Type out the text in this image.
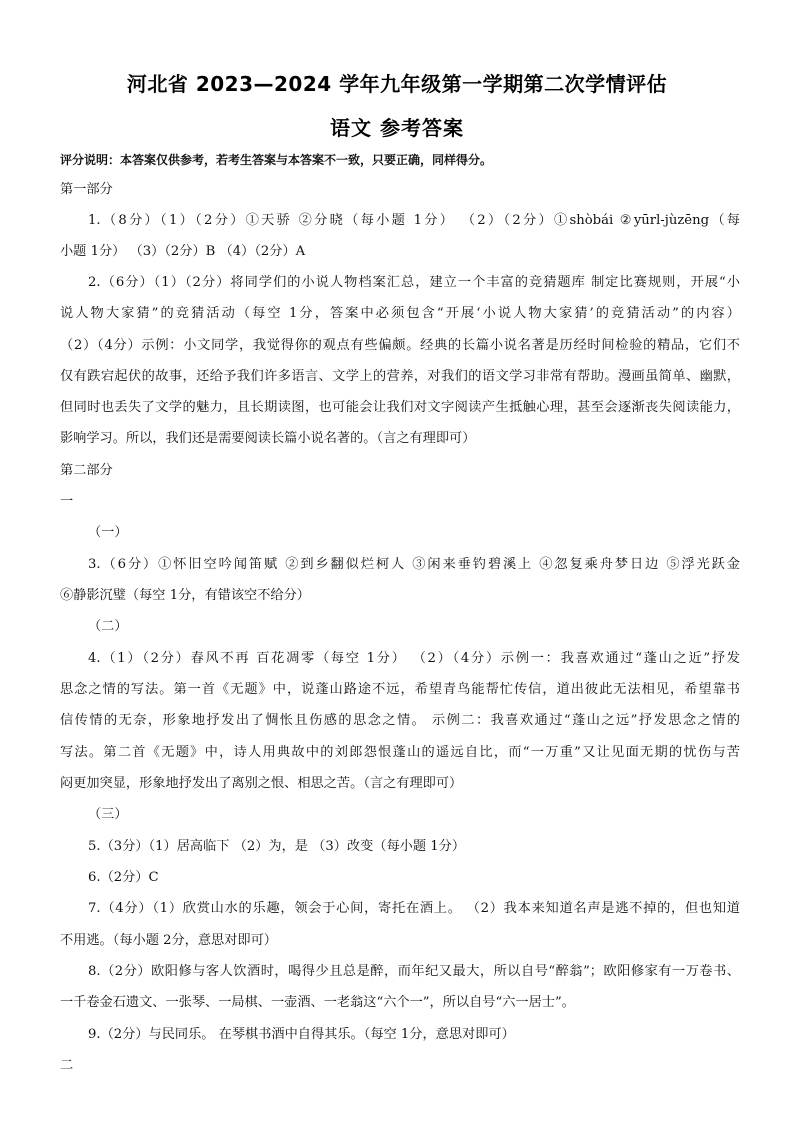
河北省 2023—2024 学年九年级第一学期第二次学情评估
语文 参考答案
评分说明：本答案仅供参考，若考生答案与本答案不一致，只要正确，同样得分。
第一部分
1.（8分）（1）（2分）①天骄 ②分晓（每小题 1分） （2）（2分）①shòbái ②yūrl-jùzēng（每
小题 1分） （3）（2分）B （4）（2分）A
2.（6分）（1）（2分）将同学们的小说人物档案汇总，建立一个丰富的竞猜题库 制定比赛规则，开展“小
说人物大家猜”的竞猜活动（每空 1分，答案中必须包含“开展‘小说人物大家猜’的竞猜活动”的内容）
（2）（4分）示例：小文同学，我觉得你的观点有些偏颇。经典的长篇小说名著是历经时间检验的精品，它们不
仅有跌宕起伏的故事，还给予我们许多语言、文学上的营养，对我们的语文学习非常有帮助。漫画虽简单、幽默，
但同时也丢失了文学的魅力，且长期读图，也可能会让我们对文字阅读产生抵触心理，甚至会逐渐丧失阅读能力，
影响学习。所以，我们还是需要阅读长篇小说名著的。（言之有理即可）
第二部分
一
（一）
3.（6分）①怀旧空吟闻笛赋 ②到乡翻似烂柯人 ③闲来垂钓碧溪上 ④忽复乘舟梦日边 ⑤浮光跃金
⑥静影沉璧（每空 1分，有错该空不给分）
（二）
4.（1）（2分）春风不再 百花凋零（每空 1分） （2）（4分）示例一：我喜欢通过“蓬山之近”抒发
思念之情的写法。第一首《无题》中，说蓬山路途不远，希望青鸟能帮忙传信，道出彼此无法相见，希望靠书
信传情的无奈，形象地抒发出了惆怅且伤感的思念之情。 示例二：我喜欢通过“蓬山之远”抒发思念之情的
写法。第二首《无题》中，诗人用典故中的刘郎怨恨蓬山的遥远自比，而“一万重”又让见面无期的忧伤与苦
闷更加突显，形象地抒发出了离别之恨、相思之苦。（言之有理即可）
（三）
5.（3分）（1）居高临下 （2）为，是 （3）改变（每小题 1分）
6.（2分）C
7.（4分）（1）欣赏山水的乐趣，领会于心间，寄托在酒上。 （2）我本来知道名声是逃不掉的，但也知道
不用逃。（每小题 2分，意思对即可）
8.（2分）欧阳修与客人饮酒时，喝得少且总是醉，而年纪又最大，所以自号“醉翁”；欧阳修家有一万卷书、
一千卷金石遗文、一张琴、一局棋、一壶酒、一老翁这“六个一”，所以自号“六一居士”。
9.（2分）与民同乐。 在琴棋书酒中自得其乐。（每空 1分，意思对即可）
二
